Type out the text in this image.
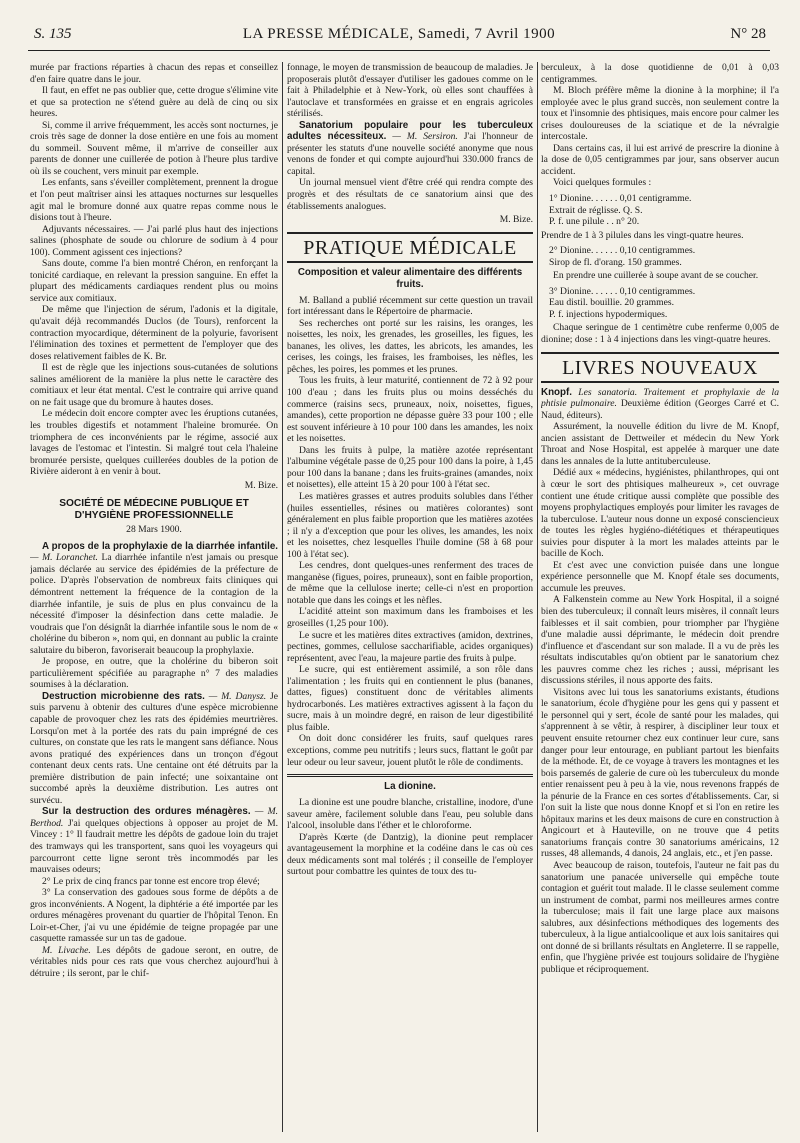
S. 135	LA PRESSE MÉDICALE, Samedi, 7 Avril 1900	N° 28

murée par fractions réparties à chacun des repas et conseillez d'en faire quatre dans le jour.

Il faut, en effet ne pas oublier que, cette drogue s'élimine vite et que sa protection ne s'étend guère au delà de cinq ou six heures.

Si, comme il arrive fréquemment, les accès sont nocturnes, je crois très sage de donner la dose entière en une fois au moment du sommeil. Souvent même, il m'arrive de conseiller aux parents de donner une cuillerée de potion à l'heure plus tardive où ils se couchent, vers minuit par exemple.

Les enfants, sans s'éveiller complètement, prennent la drogue et l'on peut maîtriser ainsi les attaques nocturnes sur lesquelles agit mal le bromure donné aux quatre repas comme nous le disions tout à l'heure.

Adjuvants nécessaires. — J'ai parlé plus haut des injections salines (phosphate de soude ou chlorure de sodium à 4 pour 100). Comment agissent ces injections?

Sans doute, comme l'a bien montré Chéron, en renforçant la tonicité cardiaque, en relevant la pression sanguine. En effet la plupart des médicaments cardiaques rendent plus ou moins service aux comitiaux.

De même que l'injection de sérum, l'adonis et la digitale, qu'avait déjà recommandés Duclos (de Tours), renforcent la contraction myocardique, déterminent de la polyurie, favorisent l'élimination des toxines et permettent de l'employer que des doses relativement faibles de K. Br.

Il est de règle que les injections sous-cutanées de solutions salines améliorent de la manière la plus nette le caractère des comitiaux et leur état mental. C'est le contraire qui arrive quand on ne fait usage que du bromure à hautes doses.

Le médecin doit encore compter avec les éruptions cutanées, les troubles digestifs et notamment l'haleine bromurée. On triomphera de ces inconvénients par le régime, associé aux lavages de l'estomac et l'intestin. Si malgré tout cela l'haleine bromurée persiste, quelques cuillerées doubles de la potion de Rivière aideront à en venir à bout.

M. Bize.
SOCIÉTÉ DE MÉDECINE PUBLIQUE ET D'HYGIÈNE PROFESSIONNELLE
28 Mars 1900.

A propos de la prophylaxie de la diarrhée infantile. — M. Loranchet. La diarrhée infantile n'est jamais ou presque jamais déclarée au service des épidémies de la préfecture de police. D'après l'observation de nombreux faits cliniques qui démontrent nettement la fréquence de la contagion de la diarrhée infantile, je suis de plus en plus convaincu de la nécessité d'imposer la désinfection dans cette maladie. Je voudrais que l'on désignât la diarrhée infantile sous le nom de « cholérine du biberon », nom qui, en donnant au public la crainte salutaire du biberon, favoriserait beaucoup la prophylaxie.

Je propose, en outre, que la cholérine du biberon soit particulièrement spécifiée au paragraphe n° 7 des maladies soumises à la déclaration.

Destruction microbienne des rats. — M. Danysz. Je suis parvenu à obtenir des cultures d'une espèce microbienne capable de provoquer chez les rats des épidémies meurtrières. Lorsqu'on met à la portée des rats du pain imprégné de ces cultures, on constate que les rats le mangent sans défiance. Nous avons pratiqué des expériences dans un tronçon d'égout contenant deux cents rats. Une centaine ont été détruits par la première distribution de pain infecté; une soixantaine ont succombé après la deuxième distribution. Les autres ont survécu.

Sur la destruction des ordures ménagères. — M. Berthod. J'ai quelques objections à opposer au projet de M. Vincey : 1° Il faudrait mettre les dépôts de gadoue loin du trajet des tramways qui les transportent, sans quoi les voyageurs qui parcourront cette ligne seront très incommodés par les mauvaises odeurs;

2° Le prix de cinq francs par tonne est encore trop élevé;

3° La conservation des gadoues sous forme de dépôts a de gros inconvénients. A Nogent, la diphtérie a été importée par les ordures ménagères provenant du quartier de l'hôpital Tenon. En Loir-et-Cher, j'ai vu une épidémie de teigne propagée par une casquette ramassée sur un tas de gadoue.

M. Livache. Les dépôts de gadoue seront, en outre, de véritables nids pour ces rats que vous cherchez aujourd'hui à détruire ; ils seront, par le chif-

fonnage, le moyen de transmission de beaucoup de maladies. Je proposerais plutôt d'essayer d'utiliser les gadoues comme on le fait à Philadelphie et à New-York, où elles sont chauffées à l'autoclave et transformées en graisse et en engrais agricoles stérilisés.

Sanatorium populaire pour les tuberculeux adultes nécessiteux. — M. Sersiron. J'ai l'honneur de présenter les statuts d'une nouvelle société anonyme que nous venons de fonder et qui compte aujourd'hui 330.000 francs de capital.

Un journal mensuel vient d'être créé qui rendra compte des progrès et des résultats de ce sanatorium ainsi que des établissements analogues.

M. Bize.
PRATIQUE MÉDICALE
Composition et valeur alimentaire des différents fruits.

M. Balland a publié récemment sur cette question un travail fort intéressant dans le Répertoire de pharmacie.

Ses recherches ont porté sur les raisins, les oranges, les noisettes, les noix, les grenades, les groseilles, les figues, les bananes, les olives, les dattes, les abricots, les amandes, les cerises, les coings, les fraises, les framboises, les nèfles, les pêches, les poires, les pommes et les prunes.

Tous les fruits, à leur maturité, contiennent de 72 à 92 pour 100 d'eau ; dans les fruits plus ou moins desséchés du commerce (raisins secs, pruneaux, noix, noisettes, figues, amandes), cette proportion ne dépasse guère 33 pour 100 ; elle est souvent inférieure à 10 pour 100 dans les amandes, les noix et les noisettes.

Dans les fruits à pulpe, la matière azotée représentant l'albumine végétale passe de 0,25 pour 100 dans la poire, à 1,45 pour 100 dans la banane ; dans les fruits-graines (amandes, noix et noisettes), elle atteint 15 à 20 pour 100 à l'état sec.

Les matières grasses et autres produits solubles dans l'éther (huiles essentielles, résines ou matières colorantes) sont généralement en plus faible proportion que les matières azotées ; il n'y a d'exception que pour les olives, les amandes, les noix et les noisettes, chez lesquelles l'huile domine (58 à 68 pour 100 à l'état sec).

Les cendres, dont quelques-unes renferment des traces de manganèse (figues, poires, pruneaux), sont en faible proportion, de même que la cellulose inerte; celle-ci n'est en proportion notable que dans les coings et les nèfles.

L'acidité atteint son maximum dans les framboises et les groseilles (1,25 pour 100).

Le sucre et les matières dites extractives (amidon, dextrines, pectines, gommes, cellulose saccharifiable, acides organiques) représentent, avec l'eau, la majeure partie des fruits à pulpe.

Le sucre, qui est entièrement assimilé, a son rôle dans l'alimentation ; les fruits qui en contiennent le plus (bananes, dattes, figues) constituent donc de véritables aliments hydrocarbonés. Les matières extractives agissent à la façon du sucre, mais à un moindre degré, en raison de leur digestibilité plus faible.

On doit donc considérer les fruits, sauf quelques rares exceptions, comme peu nutritifs ; leurs sucs, flattant le goût par leur odeur ou leur saveur, jouent plutôt le rôle de condiments.

La dionine.

La dionine est une poudre blanche, cristalline, inodore, d'une saveur amère, facilement soluble dans l'eau, peu soluble dans l'alcool, insoluble dans l'éther et le chloroforme.

D'après Kœrte (de Dantzig), la dionine peut remplacer avantageusement la morphine et la codéine dans le cas où ces deux médicaments sont mal tolérés ; il conseille de l'employer surtout pour combattre les quintes de toux des tu-

berculeux, à la dose quotidienne de 0,01 à 0,03 centigrammes.

M. Bloch préfère même la dionine à la morphine; il l'a employée avec le plus grand succès, non seulement contre la toux et l'insomnie des phtisiques, mais encore pour calmer les crises douloureuses de la sciatique et de la névralgie intercostale.

Dans certains cas, il lui est arrivé de prescrire la dionine à la dose de 0,05 centigrammes par jour, sans observer aucun accident.

Voici quelques formules :

1° Dionine. . . . . . 0,01 centigramme.
Extrait de réglisse. Q. S.
P. f. une pilule . . n° 20.

Prendre de 1 à 3 pilules dans les vingt-quatre heures.

2° Dionine. . . . . . 0,10 centigrammes.
Sirop de fl. d'orang. 150 grammes.

En prendre une cuillerée à soupe avant de se coucher.

3° Dionine. . . . . . 0,10 centigrammes.
Eau distil. bouillie. 20 grammes.
P. f. injections hypodermiques.

Chaque seringue de 1 centimètre cube renferme 0,005 de dionine; dose : 1 à 4 injections dans les vingt-quatre heures.

LIVRES NOUVEAUX

Knopf. Les sanatoria. Traitement et prophylaxie de la phtisie pulmonaire. Deuxième édition (Georges Carré et C. Naud, éditeurs).

Assurément, la nouvelle édition du livre de M. Knopf, ancien assistant de Dettweiler et médecin du New York Throat and Nose Hospital, est appelée à marquer une date dans les annales de la lutte antituberculeuse.

Dédié aux « médecins, hygiénistes, philanthropes, qui ont à cœur le sort des phtisiques malheureux », cet ouvrage contient une étude critique aussi complète que possible des moyens prophylactiques employés pour limiter les ravages de la tuberculose. L'auteur nous donne un exposé consciencieux de toutes les règles hygiéno-diététiques et thérapeutiques suivies pour disputer à la mort les malades atteints par le bacille de Koch.

Et c'est avec une conviction puisée dans une longue expérience personnelle que M. Knopf étale ses documents, accumule les preuves.

A Falkenstein comme au New York Hospital, il a soigné bien des tuberculeux; il connaît leurs misères, il connaît leurs faiblesses et il sait combien, pour triompher par l'hygiène d'une maladie aussi déprimante, le médecin doit prendre d'influence et d'ascendant sur son malade. Il a vu de près les résultats indiscutables qu'on obtient par le sanatorium chez les pauvres comme chez les riches ; aussi, méprisant les discussions stériles, il nous apporte des faits.

Visitons avec lui tous les sanatoriums existants, étudions le sanatorium, école d'hygiène pour les gens qui y passent et le personnel qui y sert, école de santé pour les malades, qui s'apprennent à se vêtir, à respirer, à discipliner leur toux et peuvent ensuite retourner chez eux continuer leur cure, sans danger pour leur entourage, en publiant partout les bienfaits de la méthode. Et, de ce voyage à travers les montagnes et les bois parsemés de galerie de cure où les tuberculeux du monde entier renaissent peu à peu à la vie, nous revenons frappés de la pénurie de la France en ces sortes d'établissements. Car, si l'on suit la liste que nous donne Knopf et si l'on en retire les hôpitaux marins et les deux maisons de cure en construction à Angicourt et à Hauteville, on ne trouve que 4 petits sanatoriums français contre 30 sanatoriums américains, 12 russes, 48 allemands, 4 danois, 24 anglais, etc., et j'en passe.

Avec beaucoup de raison, toutefois, l'auteur ne fait pas du sanatorium une panacée universelle qui empêche toute contagion et guérit tout malade. Il le classe seulement comme un instrument de combat, parmi nos meilleures armes contre la tuberculose; mais il fait une large place aux maisons salubres, aux désinfections méthodiques des logements des tuberculeux, à la ligue antialcoolique et aux lois sanitaires qui ont donné de si brillants résultats en Angleterre. Il se rappelle, enfin, que l'hygiène privée est toujours solidaire de l'hygiène publique et réciproquement.
